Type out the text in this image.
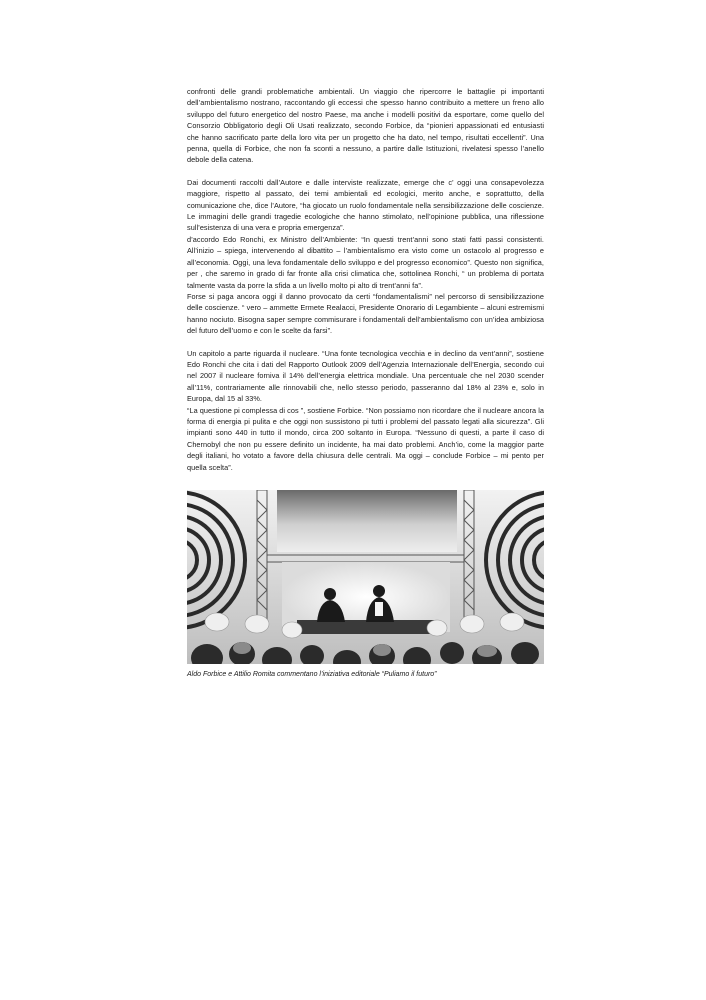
confronti delle grandi problematiche ambientali. Un viaggio che ripercorre le battaglie pi importanti dell’ambientalismo nostrano, raccontando gli eccessi che spesso hanno contribuito a mettere un freno allo sviluppo del futuro energetico del nostro Paese, ma anche i modelli positivi da esportare, come quello del Consorzio Obbligatorio degli Oli Usati realizzato, secondo Forbice, da “pionieri appassionati ed entusiasti che hanno sacrificato parte della loro vita per un progetto che ha dato, nel tempo, risultati eccellenti”. Una penna, quella di Forbice, che non fa sconti a nessuno, a partire dalle Istituzioni, rivelatesi spesso l’anello debole della catena.

Dai documenti raccolti dall’Autore e dalle interviste realizzate, emerge che c’ oggi una consapevolezza maggiore, rispetto al passato, dei temi ambientali ed ecologici, merito anche, e soprattutto, della comunicazione che, dice l’Autore, “ha giocato un ruolo fondamentale nella sensibilizzazione delle coscienze. Le immagini delle grandi tragedie ecologiche che hanno stimolato, nell’opinione pubblica, una riflessione sull’esistenza di una vera e propria emergenza”.

d’accordo Edo Ronchi, ex Ministro dell’Ambiente: “In questi trent’anni sono stati fatti passi consistenti. All’inizio – spiega, intervenendo al dibattito – l’ambientalismo era visto come un ostacolo al progresso e all’economia. Oggi, una leva fondamentale dello sviluppo e del progresso economico”. Questo non significa, per , che saremo in grado di far fronte alla crisi climatica che, sottolinea Ronchi, “ un problema di portata talmente vasta da porre la sfida a un livello molto pi alto di trent’anni fa”.

Forse si paga ancora oggi il danno provocato da certi “fondamentalismi” nel percorso di sensibilizzazione delle coscienze. “ vero – ammette Ermete Realacci, Presidente Onorario di Legambiente – alcuni estremismi hanno nociuto. Bisogna saper sempre commisurare i fondamentali dell’ambientalismo con un’idea ambiziosa del futuro dell’uomo e con le scelte da farsi”.

Un capitolo a parte riguarda il nucleare. “Una fonte tecnologica vecchia e in declino da vent’anni”, sostiene Edo Ronchi che cita i dati del Rapporto Outlook 2009 dell’Agenzia Internazionale dell’Energia, secondo cui nel 2007 il nucleare forniva il 14% dell’energia elettrica mondiale. Una percentuale che nel 2030 scender all’11%, contrariamente alle rinnovabili che, nello stesso periodo, passeranno dal 18% al 23% e, solo in Europa, dal 15 al 33%.

“La questione pi complessa di cos ”, sostiene Forbice. “Non possiamo non ricordare che il nucleare ancora la forma di energia pi pulita e che oggi non sussistono pi tutti i problemi del passato legati alla sicurezza”. Gli impianti sono 440 in tutto il mondo, circa 200 soltanto in Europa. “Nessuno di questi, a parte il caso di Chernobyl che non pu essere definito un incidente, ha mai dato problemi. Anch’io, come la maggior parte degli italiani, ho votato a favore della chiusura delle centrali. Ma oggi – conclude Forbice – mi pento per quella scelta”.

Aldo Forbice e Attilio Romita commentano l’iniziativa editoriale “Puliamo il futuro”
